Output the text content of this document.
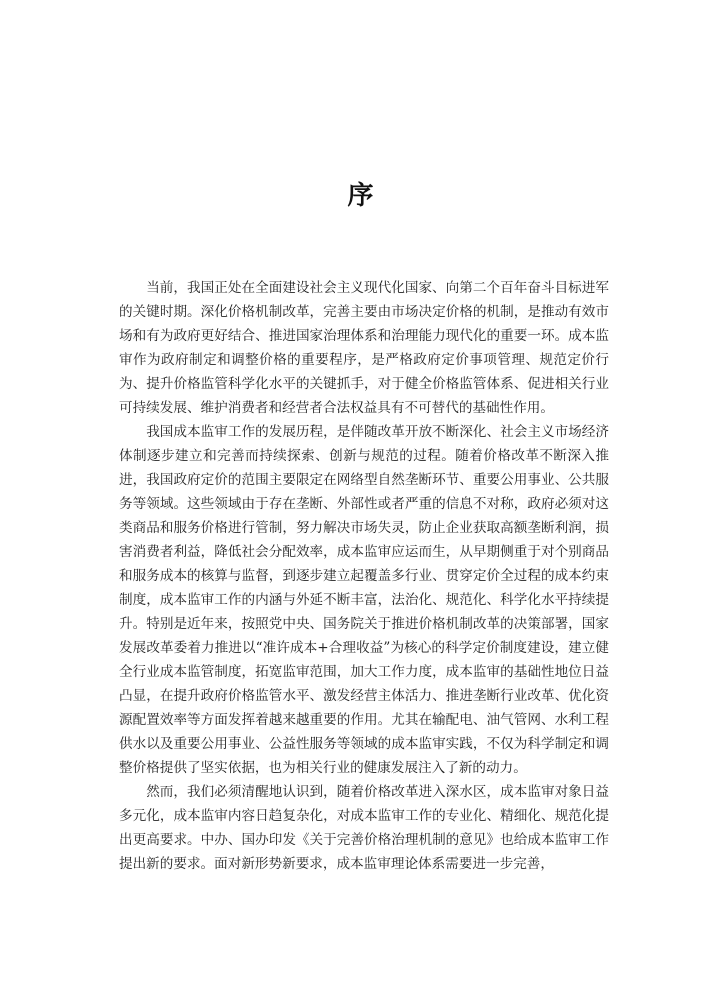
序

当前，我国正处在全面建设社会主义现代化国家、向第二个百年奋斗目标进军的关键时期。深化价格机制改革，完善主要由市场决定价格的机制，是推动有效市场和有为政府更好结合、推进国家治理体系和治理能力现代化的重要一环。成本监审作为政府制定和调整价格的重要程序，是严格政府定价事项管理、规范定价行为、提升价格监管科学化水平的关键抓手，对于健全价格监管体系、促进相关行业可持续发展、维护消费者和经营者合法权益具有不可替代的基础性作用。

我国成本监审工作的发展历程，是伴随改革开放不断深化、社会主义市场经济体制逐步建立和完善而持续探索、创新与规范的过程。随着价格改革不断深入推进，我国政府定价的范围主要限定在网络型自然垄断环节、重要公用事业、公共服务等领域。这些领域由于存在垄断、外部性或者严重的信息不对称，政府必须对这类商品和服务价格进行管制，努力解决市场失灵，防止企业获取高额垄断利润，损害消费者利益，降低社会分配效率，成本监审应运而生，从早期侧重于对个别商品和服务成本的核算与监督，到逐步建立起覆盖多行业、贯穿定价全过程的成本约束制度，成本监审工作的内涵与外延不断丰富，法治化、规范化、科学化水平持续提升。特别是近年来，按照党中央、国务院关于推进价格机制改革的决策部署，国家发展改革委着力推进以“准许成本+合理收益”为核心的科学定价制度建设，建立健全行业成本监管制度，拓宽监审范围，加大工作力度，成本监审的基础性地位日益凸显，在提升政府价格监管水平、激发经营主体活力、推进垄断行业改革、优化资源配置效率等方面发挥着越来越重要的作用。尤其在输配电、油气管网、水利工程供水以及重要公用事业、公益性服务等领域的成本监审实践，不仅为科学制定和调整价格提供了坚实依据，也为相关行业的健康发展注入了新的动力。

然而，我们必须清醒地认识到，随着价格改革进入深水区，成本监审对象日益多元化，成本监审内容日趋复杂化，对成本监审工作的专业化、精细化、规范化提出更高要求。中办、国办印发《关于完善价格治理机制的意见》也给成本监审工作提出新的要求。面对新形势新要求，成本监审理论体系需要进一步完善，
